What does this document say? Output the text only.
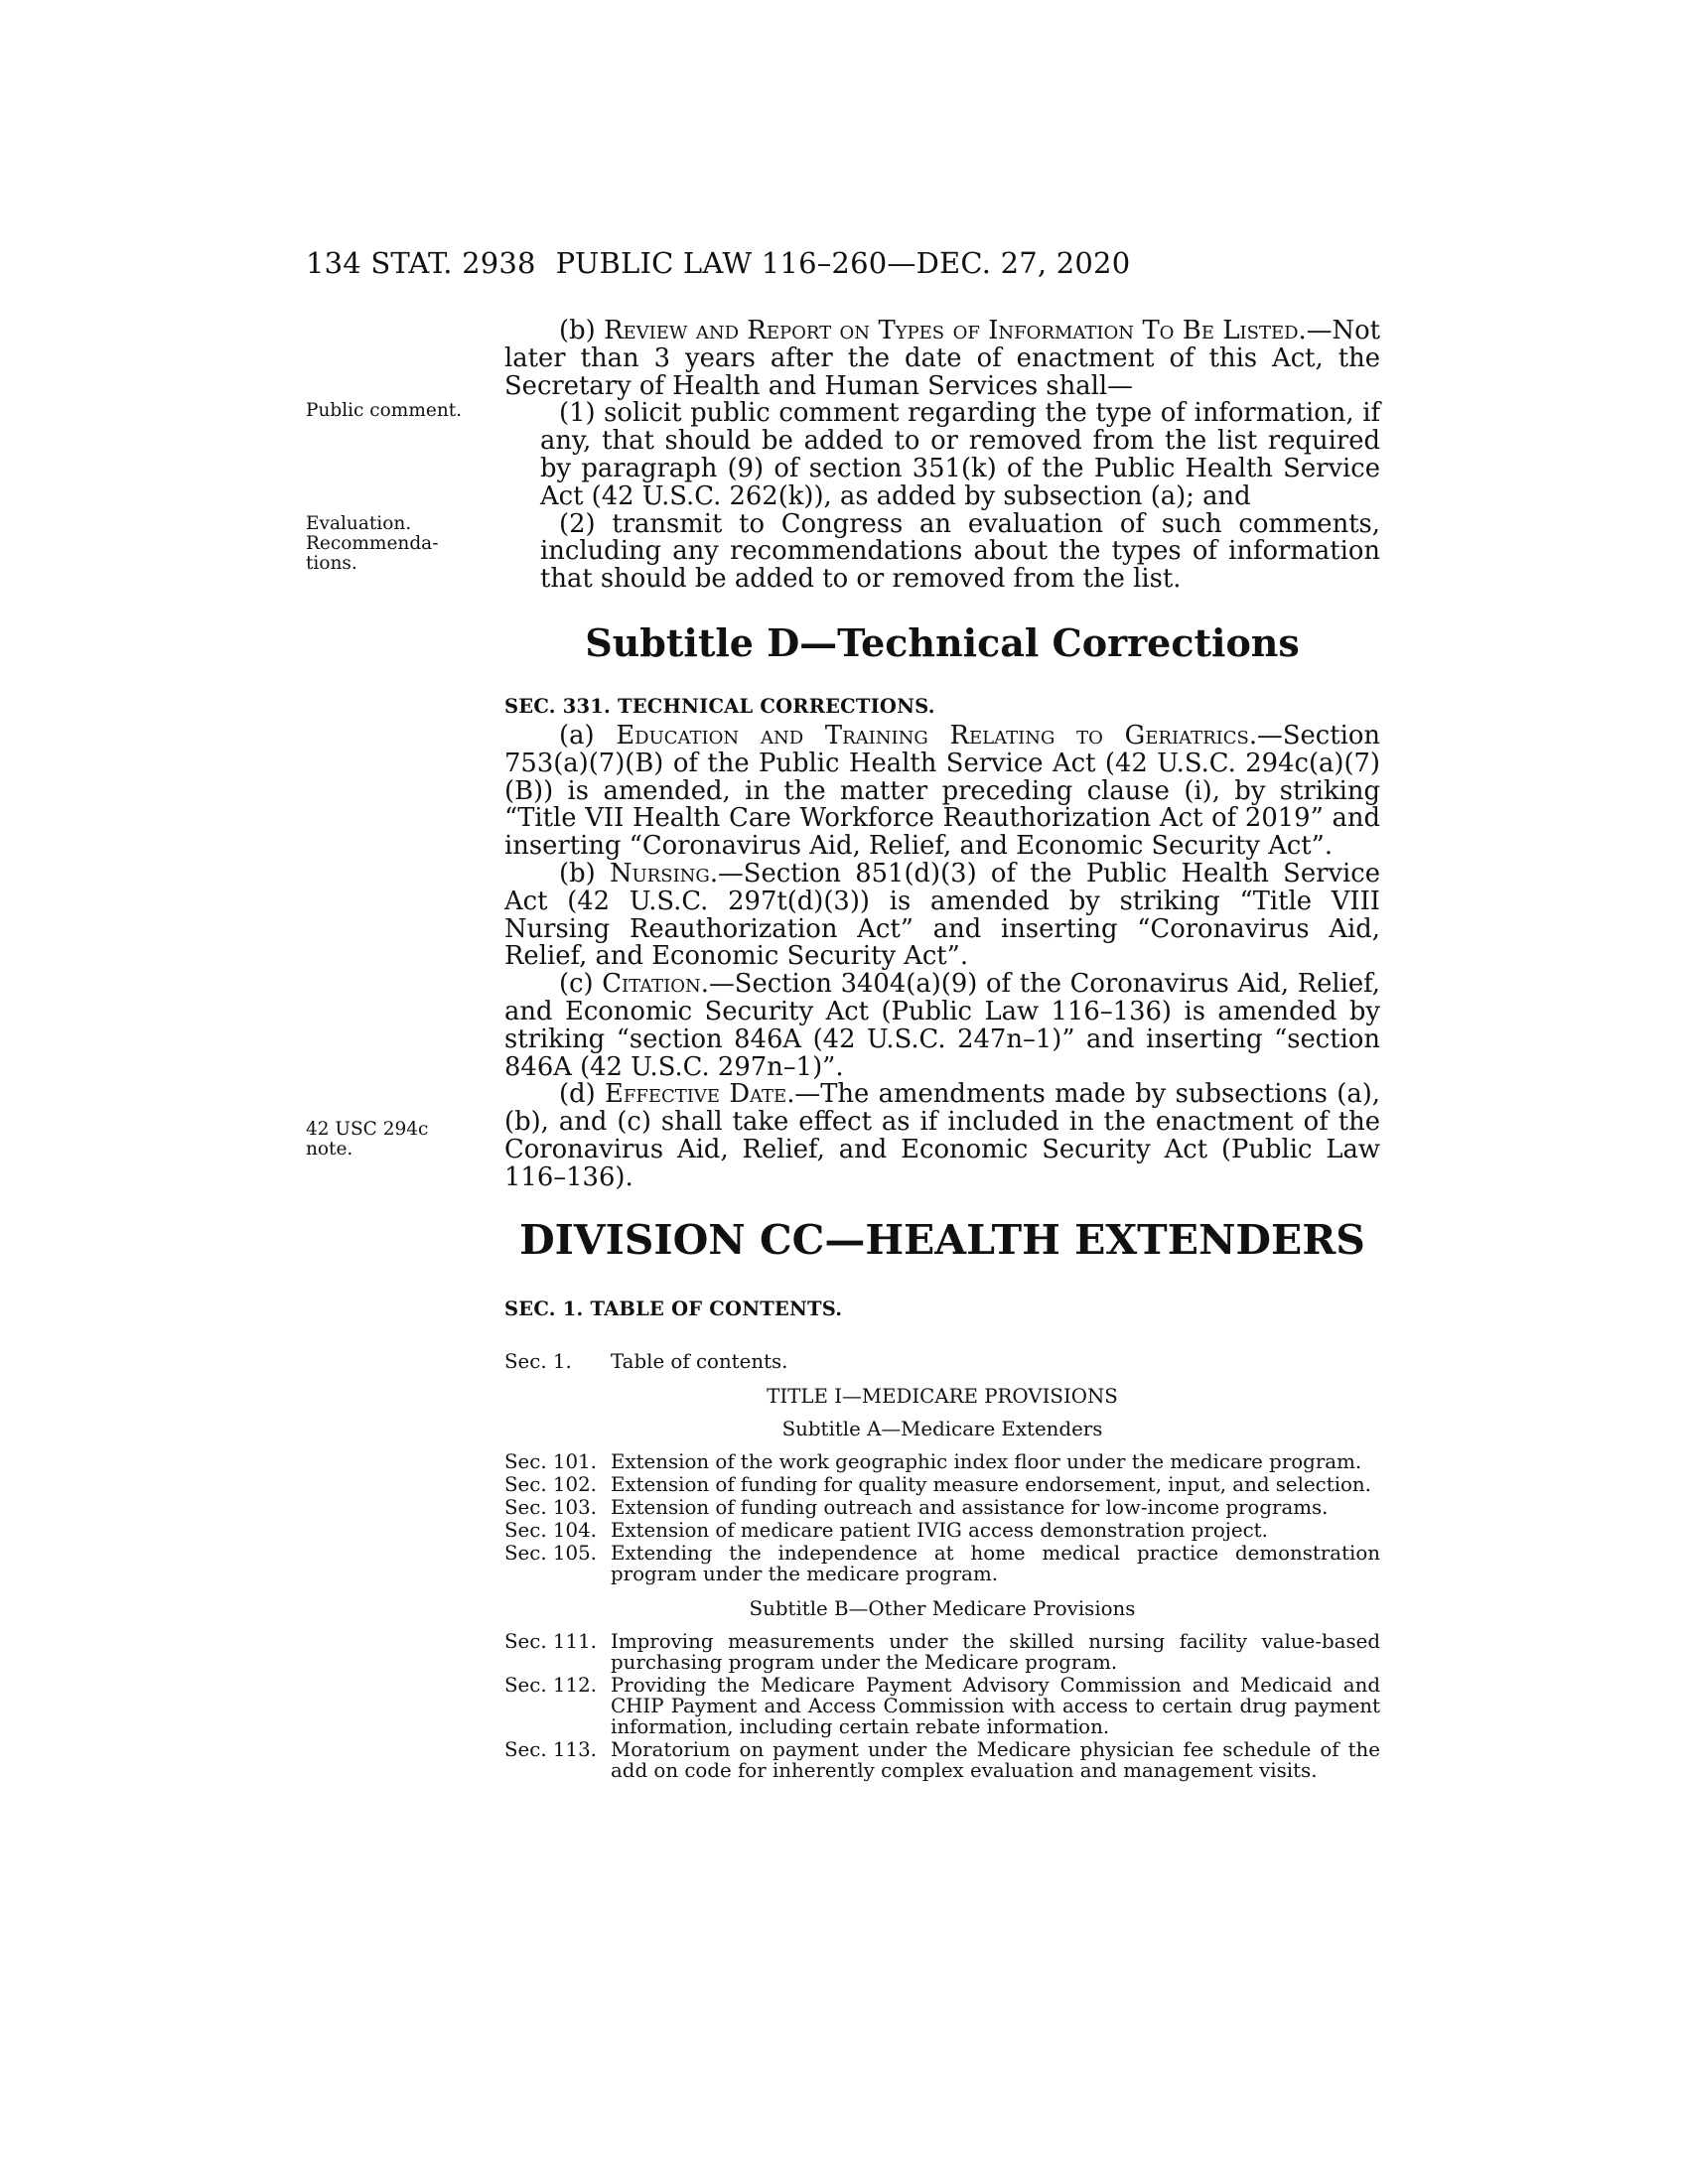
134 STAT. 2938 PUBLIC LAW 116–260—DEC. 27, 2020
Public comment.
Evaluation.
Recommenda-
tions.
42 USC 294c
note.

(b) Review and Report on Types of Information To Be Listed.—Not later than 3 years after the date of enactment of this Act, the Secretary of Health and Human Services shall—

(1) solicit public comment regarding the type of information, if any, that should be added to or removed from the list required by paragraph (9) of section 351(k) of the Public Health Service Act (42 U.S.C. 262(k)), as added by subsection (a); and

(2) transmit to Congress an evaluation of such comments, including any recommendations about the types of information that should be added to or removed from the list.

Subtitle D—Technical Corrections
SEC. 331. TECHNICAL CORRECTIONS.

(a) Education and Training Relating to Geriatrics.—Section 753(a)(7)(B) of the Public Health Service Act (42 U.S.C. 294c(a)(7)(B)) is amended, in the matter preceding clause (i), by striking “Title VII Health Care Workforce Reauthorization Act of 2019” and inserting “Coronavirus Aid, Relief, and Economic Security Act”.

(b) Nursing.—Section 851(d)(3) of the Public Health Service Act (42 U.S.C. 297t(d)(3)) is amended by striking “Title VIII Nursing Reauthorization Act” and inserting “Coronavirus Aid, Relief, and Economic Security Act”.

(c) Citation.—Section 3404(a)(9) of the Coronavirus Aid, Relief, and Economic Security Act (Public Law 116–136) is amended by striking “section 846A (42 U.S.C. 247n–1)” and inserting “section 846A (42 U.S.C. 297n–1)”.

(d) Effective Date.—The amendments made by subsections (a), (b), and (c) shall take effect as if included in the enactment of the Coronavirus Aid, Relief, and Economic Security Act (Public Law 116–136).

DIVISION CC—HEALTH EXTENDERS
SEC. 1. TABLE OF CONTENTS.
Sec. 1.	Table of contents.
TITLE I—MEDICARE PROVISIONS
Subtitle A—Medicare Extenders
Sec. 101. Extension of the work geographic index floor under the medicare program.
Sec. 102. Extension of funding for quality measure endorsement, input, and selection.
Sec. 103. Extension of funding outreach and assistance for low-income programs.
Sec. 104. Extension of medicare patient IVIG access demonstration project.
Sec. 105. Extending the independence at home medical practice demonstration program under the medicare program.
Subtitle B—Other Medicare Provisions
Sec. 111. Improving measurements under the skilled nursing facility value-based purchasing program under the Medicare program.
Sec. 112. Providing the Medicare Payment Advisory Commission and Medicaid and CHIP Payment and Access Commission with access to certain drug payment information, including certain rebate information.
Sec. 113. Moratorium on payment under the Medicare physician fee schedule of the add on code for inherently complex evaluation and management visits.
